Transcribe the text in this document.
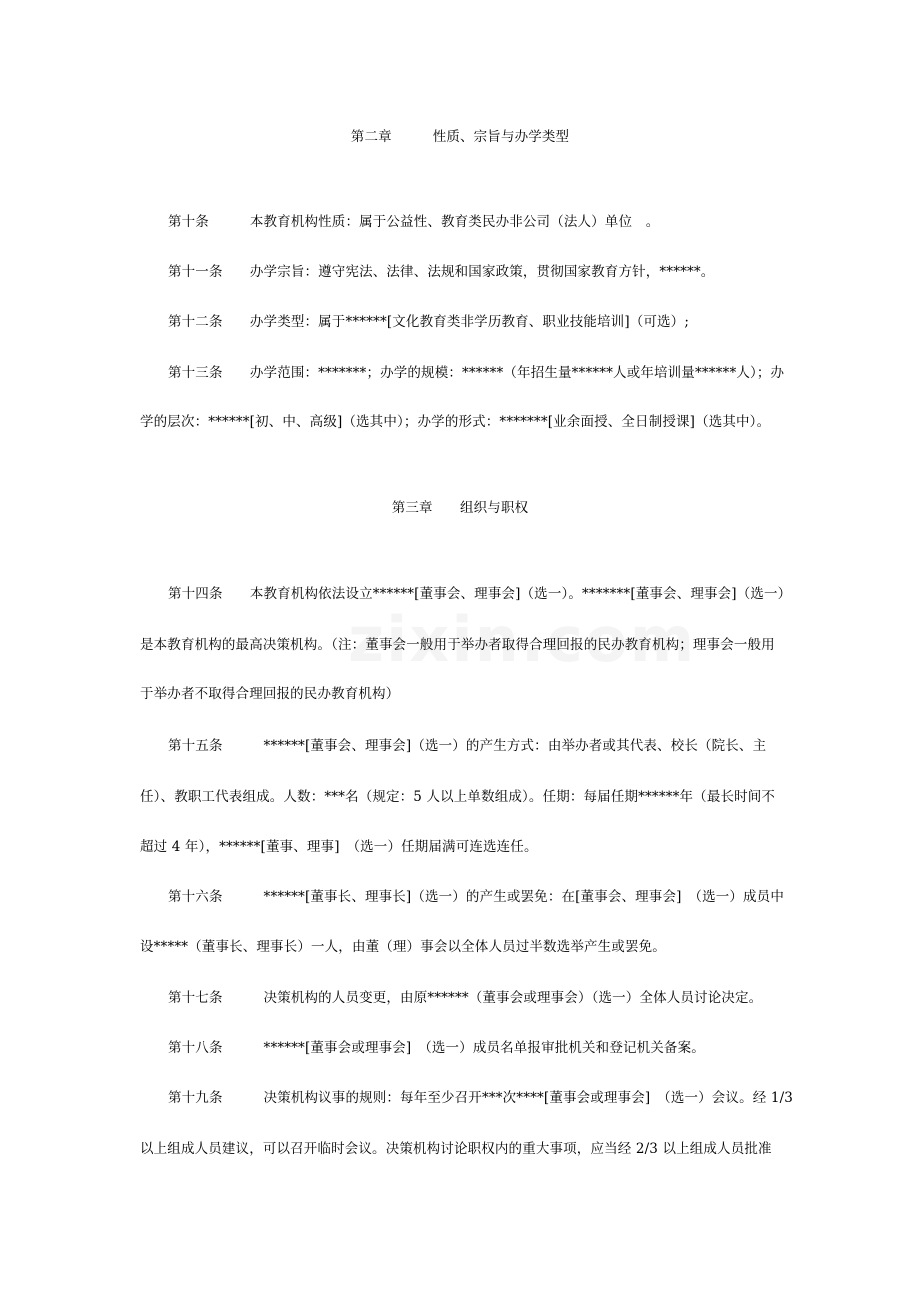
第二章　　　性质、宗旨与办学类型
第十条　　　本教育机构性质：属于公益性、教育类民办非公司（法人）单位　。
第十一条　　办学宗旨：遵守宪法、法律、法规和国家政策，贯彻国家教育方针，******。
第十二条　　办学类型：属于******[文化教育类非学历教育、职业技能培训]（可选）;
第十三条　　办学范围：*******；办学的规模：******（年招生量******人或年培训量******人）；办
学的层次：******[初、中、高级]（选其中）；办学的形式：*******[业余面授、全日制授课]（选其中）。
第三章　　组织与职权
第十四条　　本教育机构依法设立******[董事会、理事会]（选一）。*******[董事会、理事会]（选一）
是本教育机构的最高决策机构。（注：董事会一般用于举办者取得合理回报的民办教育机构；理事会一般用
于举办者不取得合理回报的民办教育机构）
第十五条　　　******[董事会、理事会]（选一）的产生方式：由举办者或其代表、校长（院长、主
任）、教职工代表组成。人数：***名（规定：5 人以上单数组成）。任期：每届任期******年（最长时间不
超过 4 年），******[董事、理事]　（选一）任期届满可连选连任。
第十六条　　　******[董事长、理事长]（选一）的产生或罢免：在[董事会、理事会]　（选一）成员中
设*****（董事长、理事长）一人，由董（理）事会以全体人员过半数选举产生或罢免。
第十七条　　　决策机构的人员变更，由原******（董事会或理事会）（选一）全体人员讨论决定。
第十八条　　　******[董事会或理事会]　（选一）成员名单报审批机关和登记机关备案。
第十九条　　　决策机构议事的规则：每年至少召开***次****[董事会或理事会]　（选一）会议。经 1/3
以上组成人员建议，可以召开临时会议。决策机构讨论职权内的重大事项，应当经 2/3 以上组成人员批准
